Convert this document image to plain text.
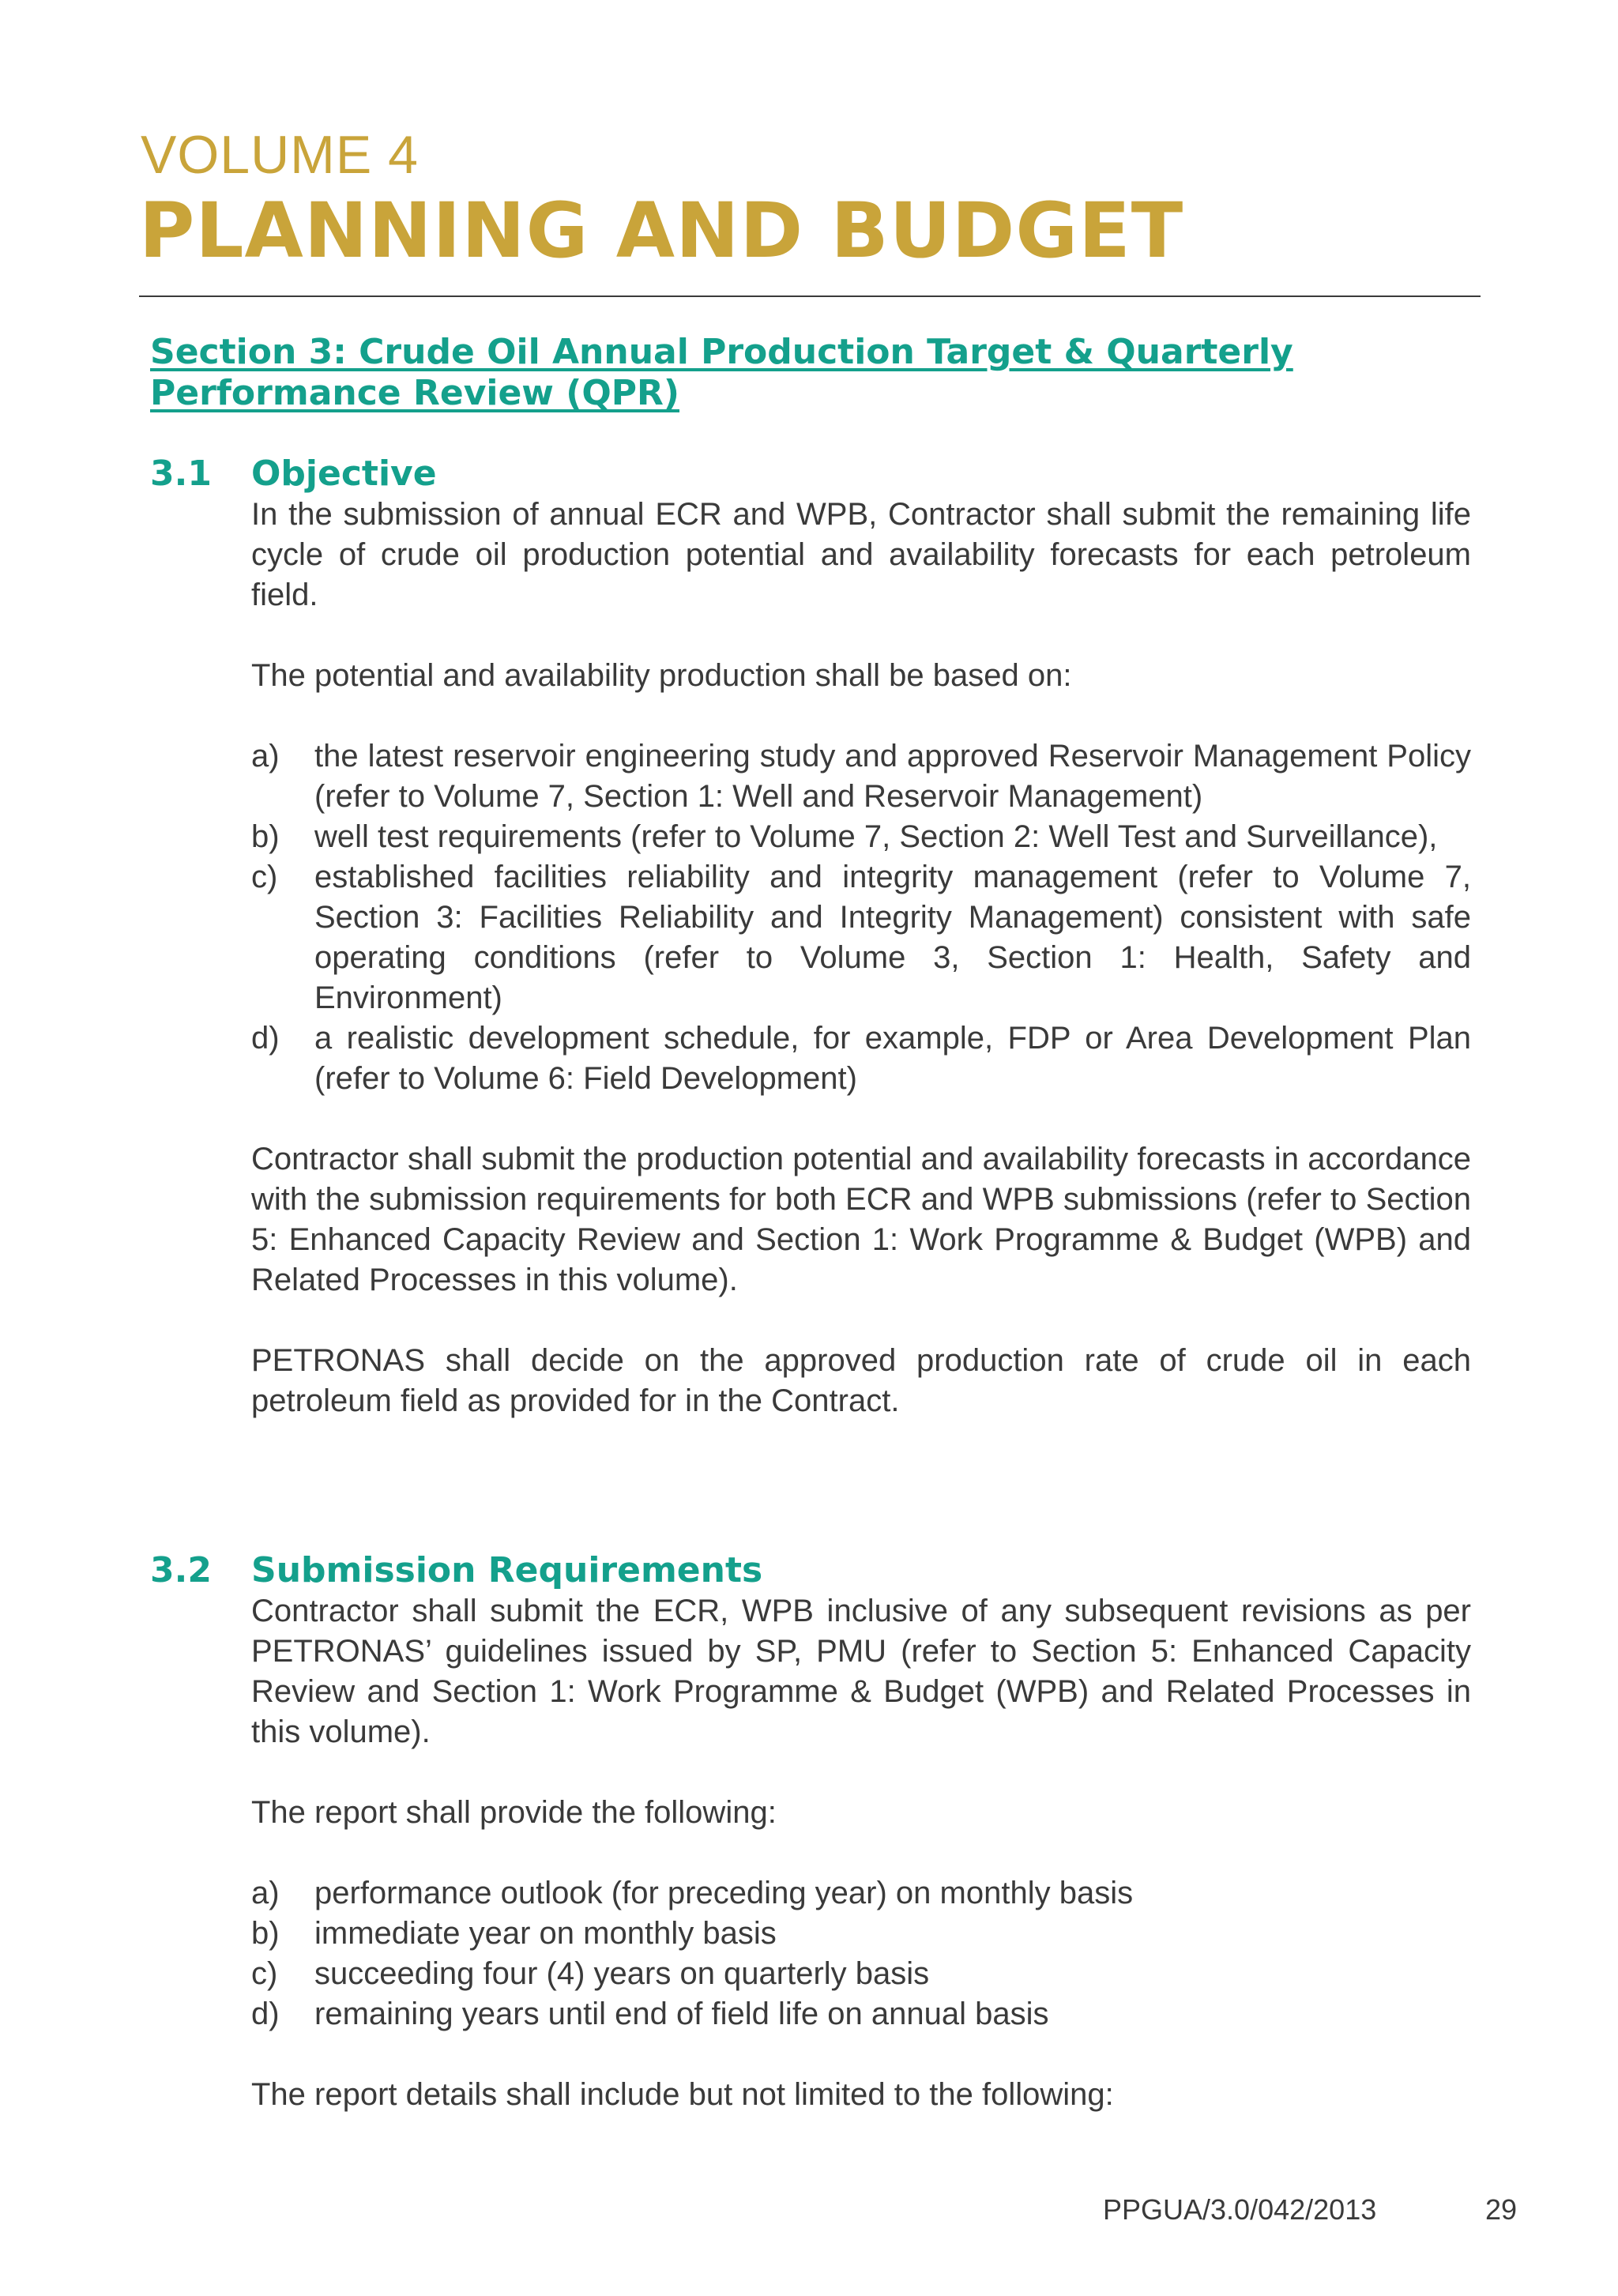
VOLUME 4
PLANNING AND BUDGET
Section 3: Crude Oil Annual Production Target & Quarterly Performance Review (QPR)
3.1	Objective

In the submission of annual ECR and WPB, Contractor shall submit the remaining life cycle of crude oil production potential and availability forecasts for each petroleum field.

The potential and availability production shall be based on:

a)	the latest reservoir engineering study and approved Reservoir Management Policy (refer to Volume 7, Section 1: Well and Reservoir Management)
b)	well test requirements (refer to Volume 7, Section 2: Well Test and Surveillance),
c)	established facilities reliability and integrity management (refer to Volume 7, Section 3: Facilities Reliability and Integrity Management) consistent with safe operating conditions (refer to Volume 3, Section 1: Health, Safety and Environment)
d)	a realistic development schedule, for example, FDP or Area Development Plan (refer to Volume 6: Field Development)

Contractor shall submit the production potential and availability forecasts in accordance with the submission requirements for both ECR and WPB submissions (refer to Section 5: Enhanced Capacity Review and Section 1: Work Programme & Budget (WPB) and Related Processes in this volume).

PETRONAS shall decide on the approved production rate of crude oil in each petroleum field as provided for in the Contract.

3.2	Submission Requirements

Contractor shall submit the ECR, WPB inclusive of any subsequent revisions as per PETRONAS’ guidelines issued by SP, PMU (refer to Section 5: Enhanced Capacity Review and Section 1: Work Programme & Budget (WPB) and Related Processes in this volume).

The report shall provide the following:

a)	performance outlook (for preceding year) on monthly basis
b)	immediate year on monthly basis
c)	succeeding four (4) years on quarterly basis
d)	remaining years until end of field life on annual basis

The report details shall include but not limited to the following:

PPGUA/3.0/042/2013	29
